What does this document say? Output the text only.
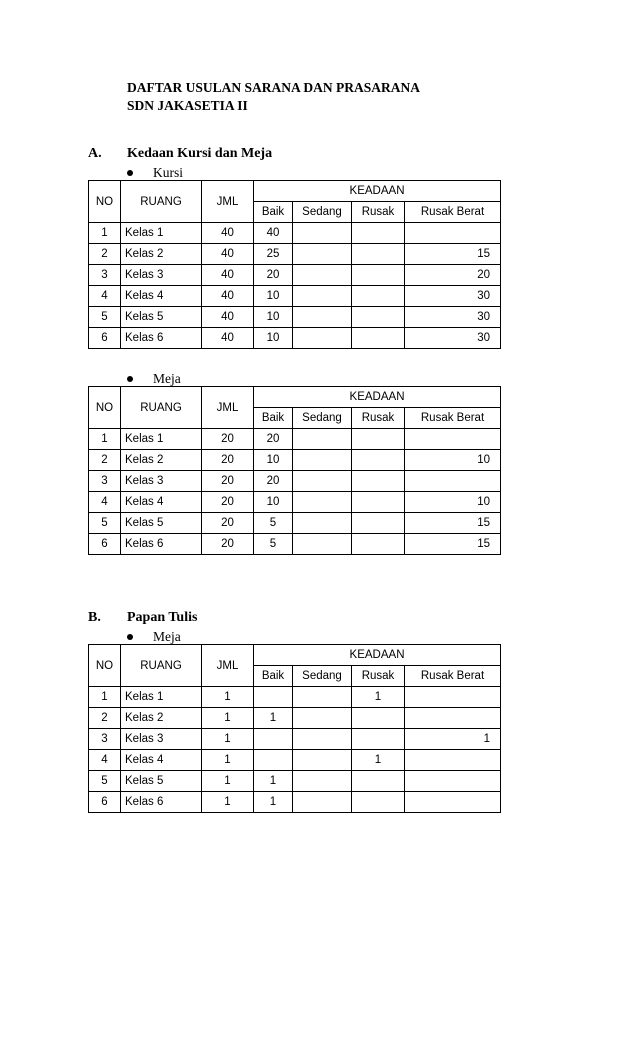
DAFTAR USULAN SARANA DAN PRASARANA
SDN JAKASETIA II
A. Kedaan Kursi dan Meja
Kursi
NO	RUANG	JML	KEADAAN			
			Baik	Sedang	Rusak	Rusak Berat
1	Kelas 1	40	40			
2	Kelas 2	40	25			15
3	Kelas 3	40	20			20
4	Kelas 4	40	10			30
5	Kelas 5	40	10			30
6	Kelas 6	40	10			30
Meja
NO	RUANG	JML	KEADAAN			
			Baik	Sedang	Rusak	Rusak Berat
1	Kelas 1	20	20			
2	Kelas 2	20	10			10
3	Kelas 3	20	20			
4	Kelas 4	20	10			10
5	Kelas 5	20	5			15
6	Kelas 6	20	5			15
B. Papan Tulis
Meja
NO	RUANG	JML	KEADAAN			
			Baik	Sedang	Rusak	Rusak Berat
1	Kelas 1	1			1	
2	Kelas 2	1	1			
3	Kelas 3	1				1
4	Kelas 4	1			1	
5	Kelas 5	1	1			
6	Kelas 6	1	1			
